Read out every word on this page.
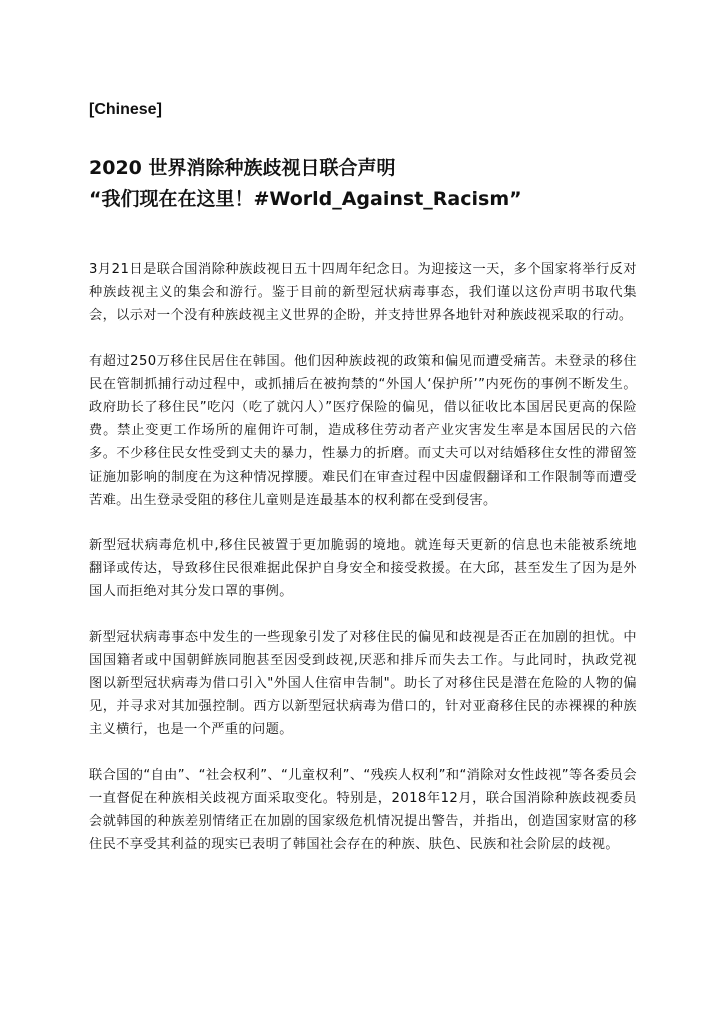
[Chinese]

2020 世界消除种族歧视日联合声明
“我们现在在这里！#World_Against_Racism”

3月21日是联合国消除种族歧视日五十四周年纪念日。为迎接这一天，多个国家将举行反对种族歧视主义的集会和游行。鉴于目前的新型冠状病毒事态，我们谨以这份声明书取代集会，以示对一个没有种族歧视主义世界的企盼，并支持世界各地针对种族歧视采取的行动。

有超过250万移住民居住在韩国。他们因种族歧视的政策和偏见而遭受痛苦。未登录的移住民在管制抓捕行动过程中，或抓捕后在被拘禁的“外国人‘保护所’”内死伤的事例不断发生。政府助长了移住民”吃闪（吃了就闪人）”医疗保险的偏见，借以征收比本国居民更高的保险费。禁止变更工作场所的雇佣许可制，造成移住劳动者产业灾害发生率是本国居民的六倍多。不少移住民女性受到丈夫的暴力，性暴力的折磨。而丈夫可以对结婚移住女性的滞留签证施加影响的制度在为这种情况撑腰。难民们在审查过程中因虚假翻译和工作限制等而遭受苦难。出生登录受阻的移住儿童则是连最基本的权利都在受到侵害。

新型冠状病毒危机中,移住民被置于更加脆弱的境地。就连每天更新的信息也未能被系统地翻译或传达，导致移住民很难据此保护自身安全和接受救援。在大邱，甚至发生了因为是外国人而拒绝对其分发口罩的事例。

新型冠状病毒事态中发生的一些现象引发了对移住民的偏见和歧视是否正在加剧的担忧。中国国籍者或中国朝鲜族同胞甚至因受到歧视,厌恶和排斥而失去工作。与此同时，执政党视图以新型冠状病毒为借口引入"外国人住宿申告制"。助长了对移住民是潜在危险的人物的偏见，并寻求对其加强控制。西方以新型冠状病毒为借口的，针对亚裔移住民的赤裸裸的种族主义横行，也是一个严重的问题。

联合国的“自由”、“社会权利”、“儿童权利”、“残疾人权利”和“消除对女性歧视”等各委员会一直督促在种族相关歧视方面采取变化。特别是，2018年12月，联合国消除种族歧视委员会就韩国的种族差别情绪正在加剧的国家级危机情况提出警告，并指出，创造国家财富的移住民不享受其利益的现实已表明了韩国社会存在的种族、肤色、民族和社会阶层的歧视。
